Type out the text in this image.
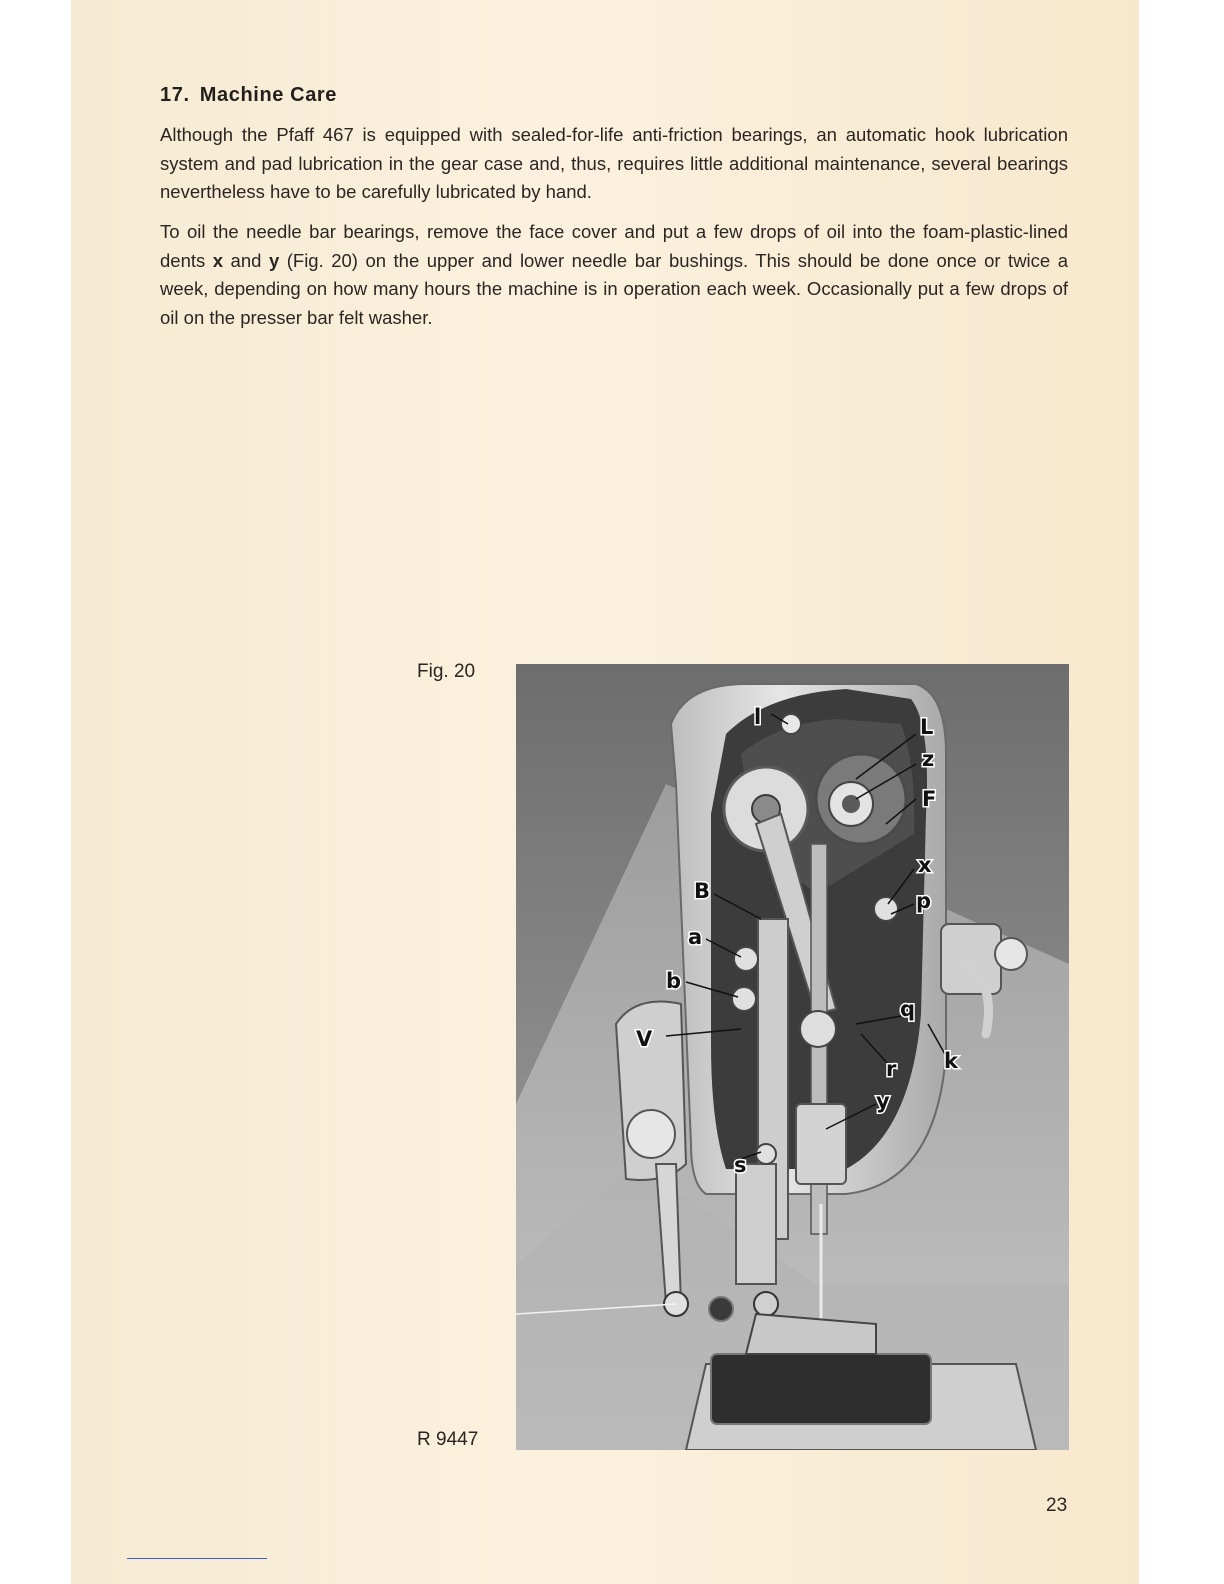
17. Machine Care

Although the Pfaff 467 is equipped with sealed-for-life anti-friction bearings, an automatic hook lubrication system and pad lubrication in the gear case and, thus, requires little additional maintenance, several bearings nevertheless have to be carefully lubricated by hand.

To oil the needle bar bearings, remove the face cover and put a few drops of oil into the foam-plastic-lined dents x and y (Fig. 20) on the upper and lower needle bar bushings. This should be done once or twice a week, depending on how many hours the machine is in operation each week. Occasionally put a few drops of oil on the presser bar felt washer.

Fig. 20
R 9447
l	L
z
F
x
p
B
a
b
V
q
k
r
y
s
23
